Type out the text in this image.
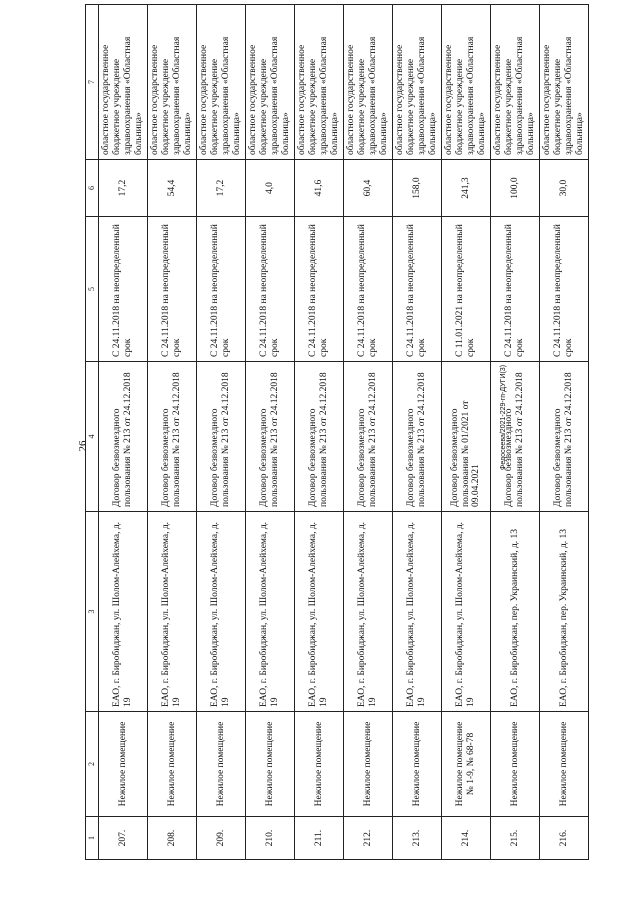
26
1	2	3	4	5	6	7
207.	Нежилое помещение	ЕАО, г. Биробиджан, ул. Шолом-Алейхема, д. 19	Договор безвозмездного пользования № 213 от 24.12.2018	С 24.11.2018 на неопределенный срок	17,2	областное государственное бюджетное учреждение здравоохранения «Областная больница»
208.	Нежилое помещение	ЕАО, г. Биробиджан, ул. Шолом-Алейхема, д. 19	Договор безвозмездного пользования № 213 от 24.12.2018	С 24.11.2018 на неопределенный срок	54,4	областное государственное бюджетное учреждение здравоохранения «Областная больница»
209.	Нежилое помещение	ЕАО, г. Биробиджан, ул. Шолом-Алейхема, д. 19	Договор безвозмездного пользования № 213 от 24.12.2018	С 24.11.2018 на неопределенный срок	17,2	областное государственное бюджетное учреждение здравоохранения «Областная больница»
210.	Нежилое помещение	ЕАО, г. Биробиджан, ул. Шолом-Алейхема, д. 19	Договор безвозмездного пользования № 213 от 24.12.2018	С 24.11.2018 на неопределенный срок	4,0	областное государственное бюджетное учреждение здравоохранения «Областная больница»
211.	Нежилое помещение	ЕАО, г. Биробиджан, ул. Шолом-Алейхема, д. 19	Договор безвозмездного пользования № 213 от 24.12.2018	С 24.11.2018 на неопределенный срок	41,6	областное государственное бюджетное учреждение здравоохранения «Областная больница»
212.	Нежилое помещение	ЕАО, г. Биробиджан, ул. Шолом-Алейхема, д. 19	Договор безвозмездного пользования № 213 от 24.12.2018	С 24.11.2018 на неопределенный срок	60,4	областное государственное бюджетное учреждение здравоохранения «Областная больница»
213.	Нежилое помещение	ЕАО, г. Биробиджан, ул. Шолом-Алейхема, д. 19	Договор безвозмездного пользования № 213 от 24.12.2018	С 24.11.2018 на неопределенный срок	158,0	областное государственное бюджетное учреждение здравоохранения «Областная больница»
214.	Нежилое помещение № 1-9, № 68-78	ЕАО, г. Биробиджан, ул. Шолом-Алейхема, д. 19	Договор безвозмездного пользования № 01/2021 от 09.04.2021	С 11.01.2021 на неопределенный срок	241,3	областное государственное бюджетное учреждение здравоохранения «Областная больница»
215.	Нежилое помещение	ЕАО, г. Биробиджан, пер. Украинский, д. 13	Договор безвозмездного пользования № 213 от 24.12.2018	С 24.11.2018 на неопределенный срок	100,0	областное государственное бюджетное учреждение здравоохранения «Областная больница»
216.	Нежилое помещение	ЕАО, г. Биробиджан, пер. Украинский, д. 13	Договор безвозмездного пользования № 213 от 24.12.2018	С 24.11.2018 на неопределенный срок	30,0	областное государственное бюджетное учреждение здравоохранения «Областная больница»
Федосеева/2021-229-гп-ДУГИ(3)
